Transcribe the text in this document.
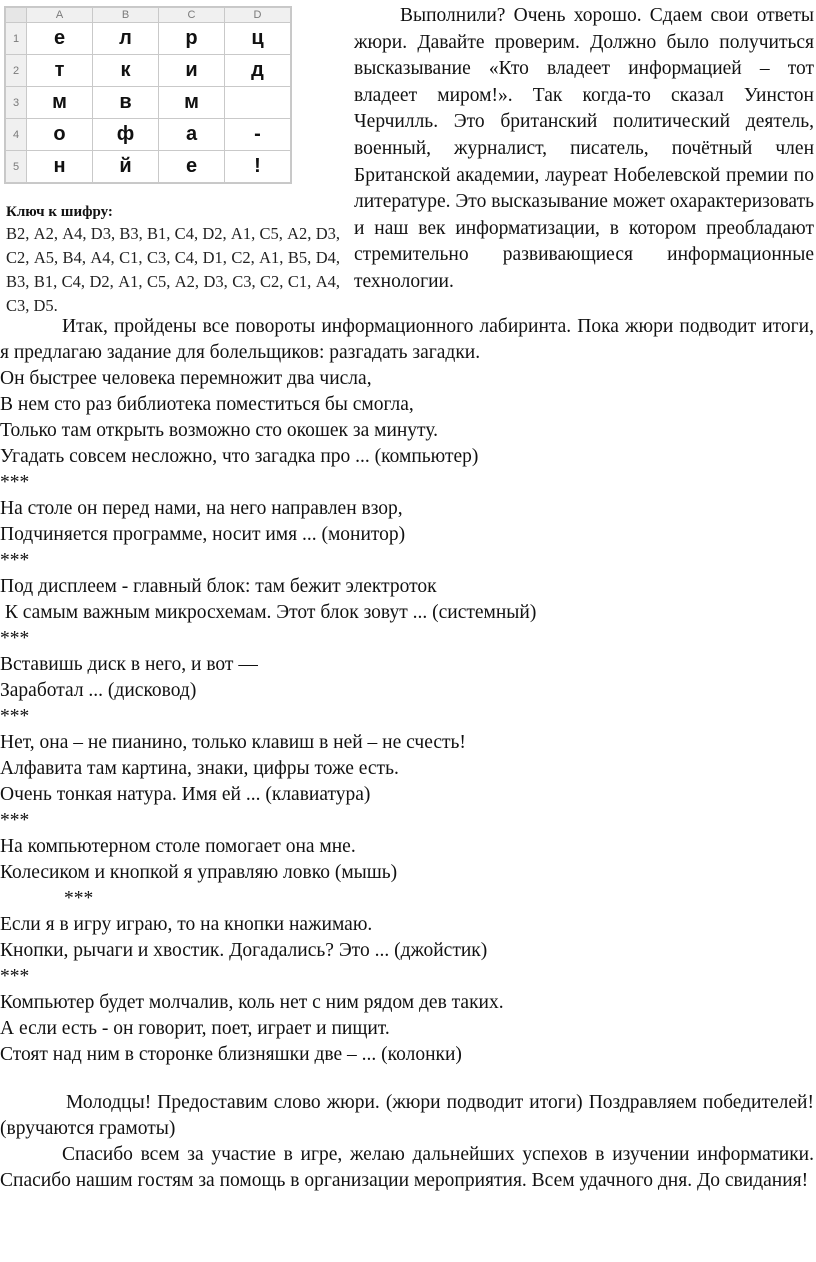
	A	B	C	D
1	е	л	р	ц
2	т	к	и	д
3	м	в	м	
4	о	ф	а	-
5	н	й	е	!
Ключ к шифру:
В2, А2, А4, D3, В3, В1, С4, D2, А1, С5, А2, D3, С2, А5, В4, А4, С1, С3, С4, D1, С2, А1, В5, D4, В3, В1, С4, D2, А1, С5, А2, D3, С3, С2, С1, А4, С3, D5.
Выполнили? Очень хорошо. Сдаем свои ответы жюри. Давайте проверим. Должно было получиться высказывание «Кто владеет информацией – тот владеет миром!». Так когда-то сказал Уинстон Черчилль. Это британский политический деятель, военный, журналист, писатель, почётный член Британской академии, лауреат Нобелевской премии по литературе. Это высказывание может охарактеризовать и наш век информатизации, в котором преобладают стремительно развивающиеся информационные технологии.
Итак, пройдены все повороты информационного лабиринта. Пока жюри подводит итоги, я предлагаю задание для болельщиков: разгадать загадки.
Он быстрее человека перемножит два числа,
В нем сто раз библиотека поместиться бы смогла,
Только там открыть возможно сто окошек за минуту.
Угадать совсем несложно, что загадка про ... (компьютер)
***
На столе он перед нами, на него направлен взор,
Подчиняется программе, носит имя ... (монитор)
***
Под дисплеем - главный блок: там бежит электроток
К самым важным микросхемам. Этот блок зовут ... (системный)
***
Вставишь диск в него, и вот —
Заработал ... (дисковод)
***
Нет, она – не пианино, только клавиш в ней – не счесть!
Алфавита там картина, знаки, цифры тоже есть.
Очень тонкая натура. Имя ей ... (клавиатура)
***
На компьютерном столе помогает она мне.
Колесиком и кнопкой я управляю ловко (мышь)
***
Если я в игру играю, то на кнопки нажимаю.
Кнопки, рычаги и хвостик. Догадались? Это ... (джойстик)
***
Компьютер будет молчалив, коль нет с ним рядом дев таких.
А если есть - он говорит, поет, играет и пищит.
Стоят над ним в сторонке близняшки две – ... (колонки)
Молодцы! Предоставим слово жюри. (жюри подводит итоги) Поздравляем победителей! (вручаются грамоты)
Спасибо всем за участие в игре, желаю дальнейших успехов в изучении информатики. Спасибо нашим гостям за помощь в организации мероприятия. Всем удачного дня. До свидания!
